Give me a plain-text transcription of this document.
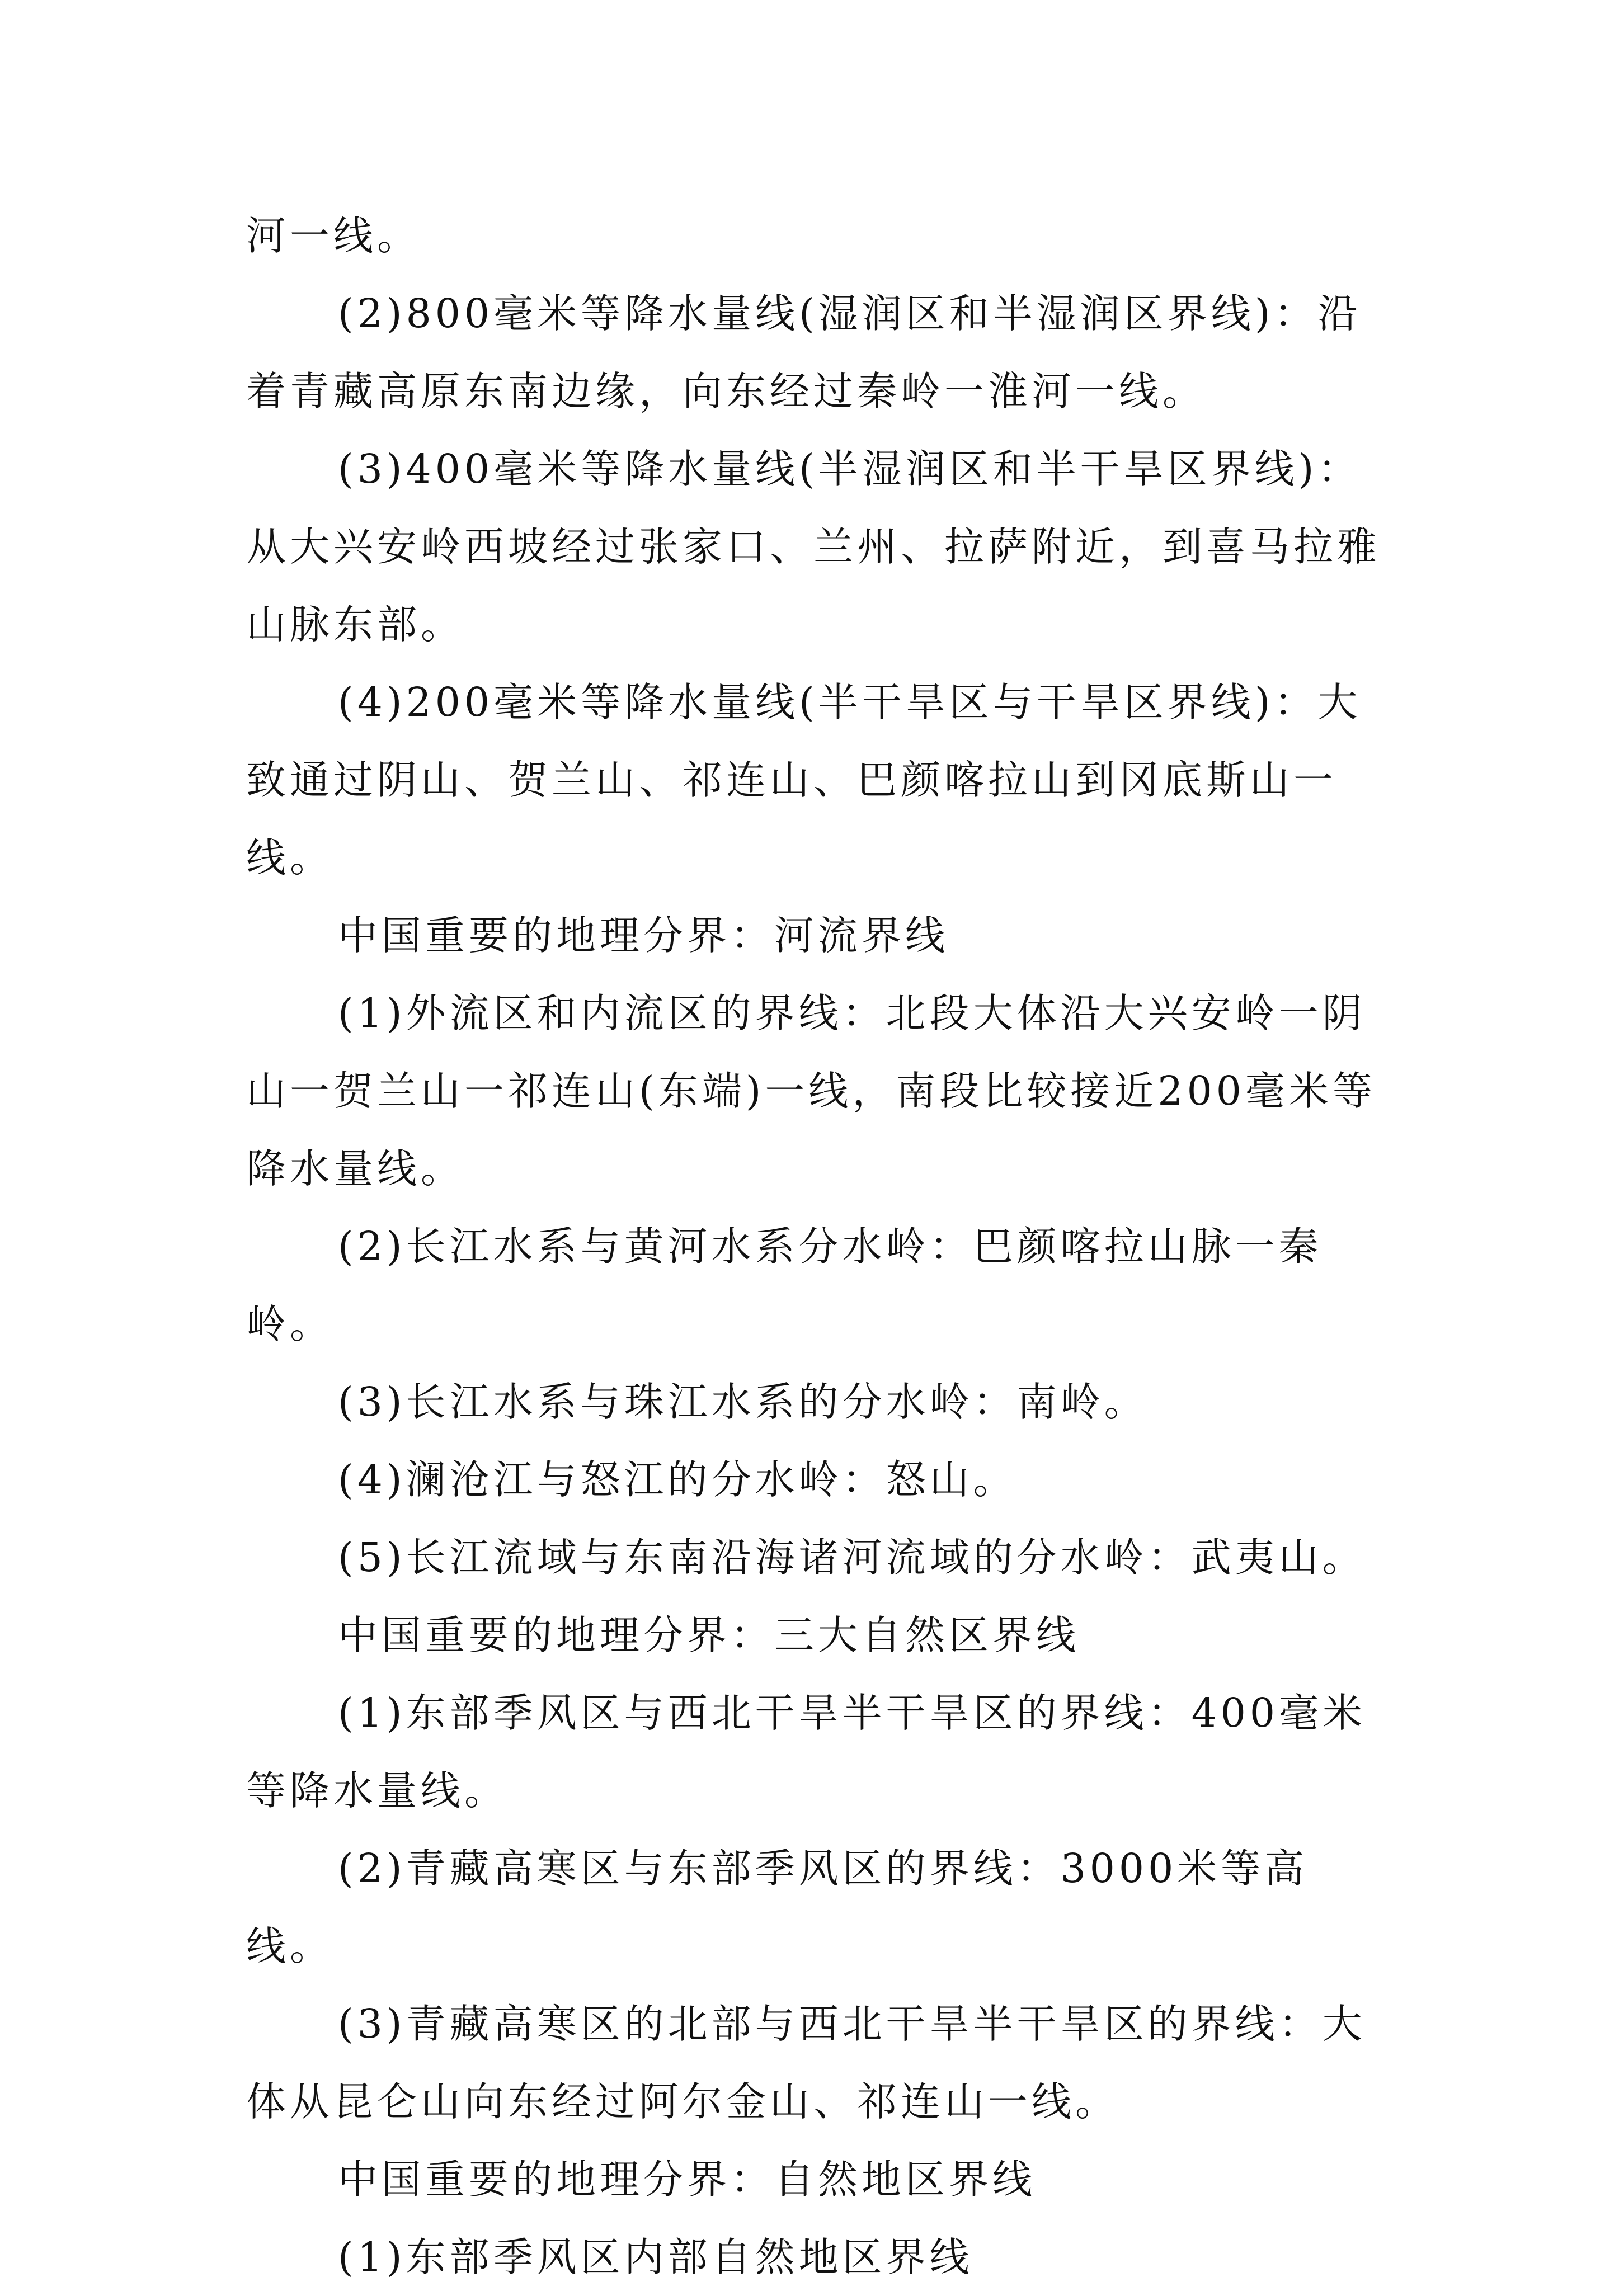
河一线。

(2)800毫米等降水量线(湿润区和半湿润区界线)：沿着青藏高原东南边缘，向东经过秦岭一淮河一线。

(3)400毫米等降水量线(半湿润区和半干旱区界线)：从大兴安岭西坡经过张家口、兰州、拉萨附近，到喜马拉雅山脉东部。

(4)200毫米等降水量线(半干旱区与干旱区界线)：大致通过阴山、贺兰山、祁连山、巴颜喀拉山到冈底斯山一线。

中国重要的地理分界：河流界线

(1)外流区和内流区的界线：北段大体沿大兴安岭一阴山一贺兰山一祁连山(东端)一线，南段比较接近200毫米等降水量线。

(2)长江水系与黄河水系分水岭：巴颜喀拉山脉一秦岭。

(3)长江水系与珠江水系的分水岭：南岭。

(4)澜沧江与怒江的分水岭：怒山。

(5)长江流域与东南沿海诸河流域的分水岭：武夷山。

中国重要的地理分界：三大自然区界线

(1)东部季风区与西北干旱半干旱区的界线：400毫米等降水量线。

(2)青藏高寒区与东部季风区的界线：3000米等高线。

(3)青藏高寒区的北部与西北干旱半干旱区的界线：大体从昆仑山向东经过阿尔金山、祁连山一线。

中国重要的地理分界：自然地区界线

(1)东部季风区内部自然地区界线
